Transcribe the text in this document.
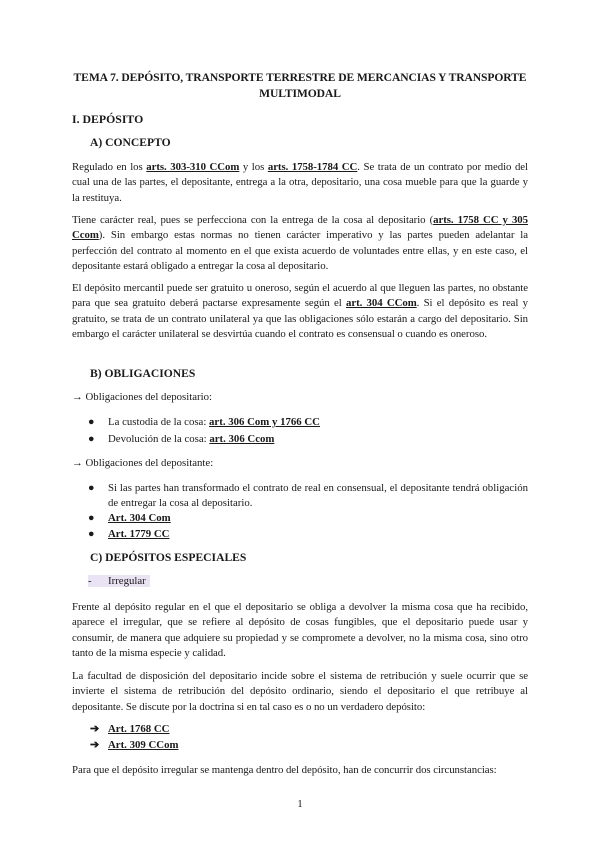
TEMA 7. DEPÓSITO, TRANSPORTE TERRESTRE DE MERCANCIAS Y TRANSPORTE MULTIMODAL
I. DEPÓSITO
A) CONCEPTO
Regulado en los arts. 303-310 CCom y los arts. 1758-1784 CC. Se trata de un contrato por medio del cual una de las partes, el depositante, entrega a la otra, depositario, una cosa mueble para que la guarde y la restituya.
Tiene carácter real, pues se perfecciona con la entrega de la cosa al depositario (arts. 1758 CC y 305 Ccom). Sin embargo estas normas no tienen carácter imperativo y las partes pueden adelantar la perfección del contrato al momento en el que exista acuerdo de voluntades entre ellas, y en este caso, el depositante estará obligado a entregar la cosa al depositario.
El depósito mercantil puede ser gratuito u oneroso, según el acuerdo al que lleguen las partes, no obstante para que sea gratuito deberá pactarse expresamente según el art. 304 CCom. Si el depósito es real y gratuito, se trata de un contrato unilateral ya que las obligaciones sólo estarán a cargo del depositario. Sin embargo el carácter unilateral se desvirtúa cuando el contrato es consensual o cuando es oneroso.
B) OBLIGACIONES
→ Obligaciones del depositario:
● La custodia de la cosa: art. 306 Com y 1766 CC
● Devolución de la cosa: art. 306 Ccom
→ Obligaciones del depositante:
● Si las partes han transformado el contrato de real en consensual, el depositante tendrá obligación de entregar la cosa al depositario.
● Art. 304 Com
● Art. 1779 CC
C) DEPÓSITOS ESPECIALES
- Irregular
Frente al depósito regular en el que el depositario se obliga a devolver la misma cosa que ha recibido, aparece el irregular, que se refiere al depósito de cosas fungibles, que el depositario puede usar y consumir, de manera que adquiere su propiedad y se compromete a devolver, no la misma cosa, sino otro tanto de la misma especie y calidad.
La facultad de disposición del depositario incide sobre el sistema de retribución y suele ocurrir que se invierte el sistema de retribución del depósito ordinario, siendo el depositario el que retribuye al depositante. Se discute por la doctrina si en tal caso es o no un verdadero depósito:
➔ Art. 1768 CC
➔ Art. 309 CCom
Para que el depósito irregular se mantenga dentro del depósito, han de concurrir dos circunstancias:
1
